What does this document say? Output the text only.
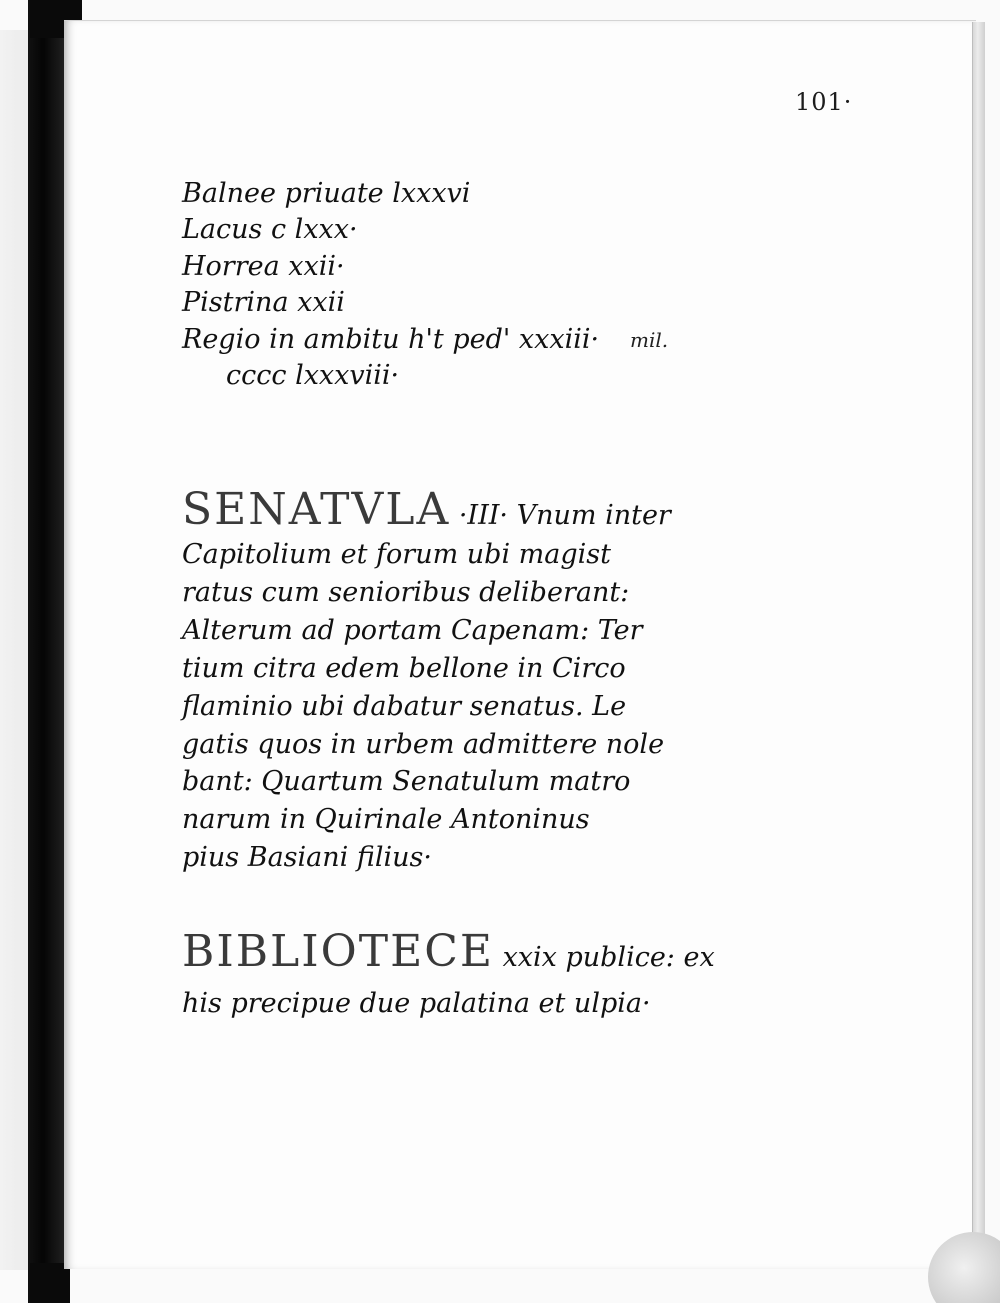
101·
Balnee priuate lxxxvi
Lacus c lxxx·
Horrea xxii·
Pistrina xxii
Regio in ambitu h't ped' xxxiii·
cccc lxxxviii·
mil.
SENATVLA ·III· Vnum inter
Capitolium et forum ubi magist
ratus cum senioribus deliberant:
Alterum ad portam Capenam: Ter
tium citra edem bellone in Circo
flaminio ubi dabatur senatus. Le
gatis quos in urbem admittere nole
bant: Quartum Senatulum matro
narum in Quirinale Antoninus
pius Basiani filius·
BIBLIOTECE xxix publice: ex
his precipue due palatina et ulpia·
